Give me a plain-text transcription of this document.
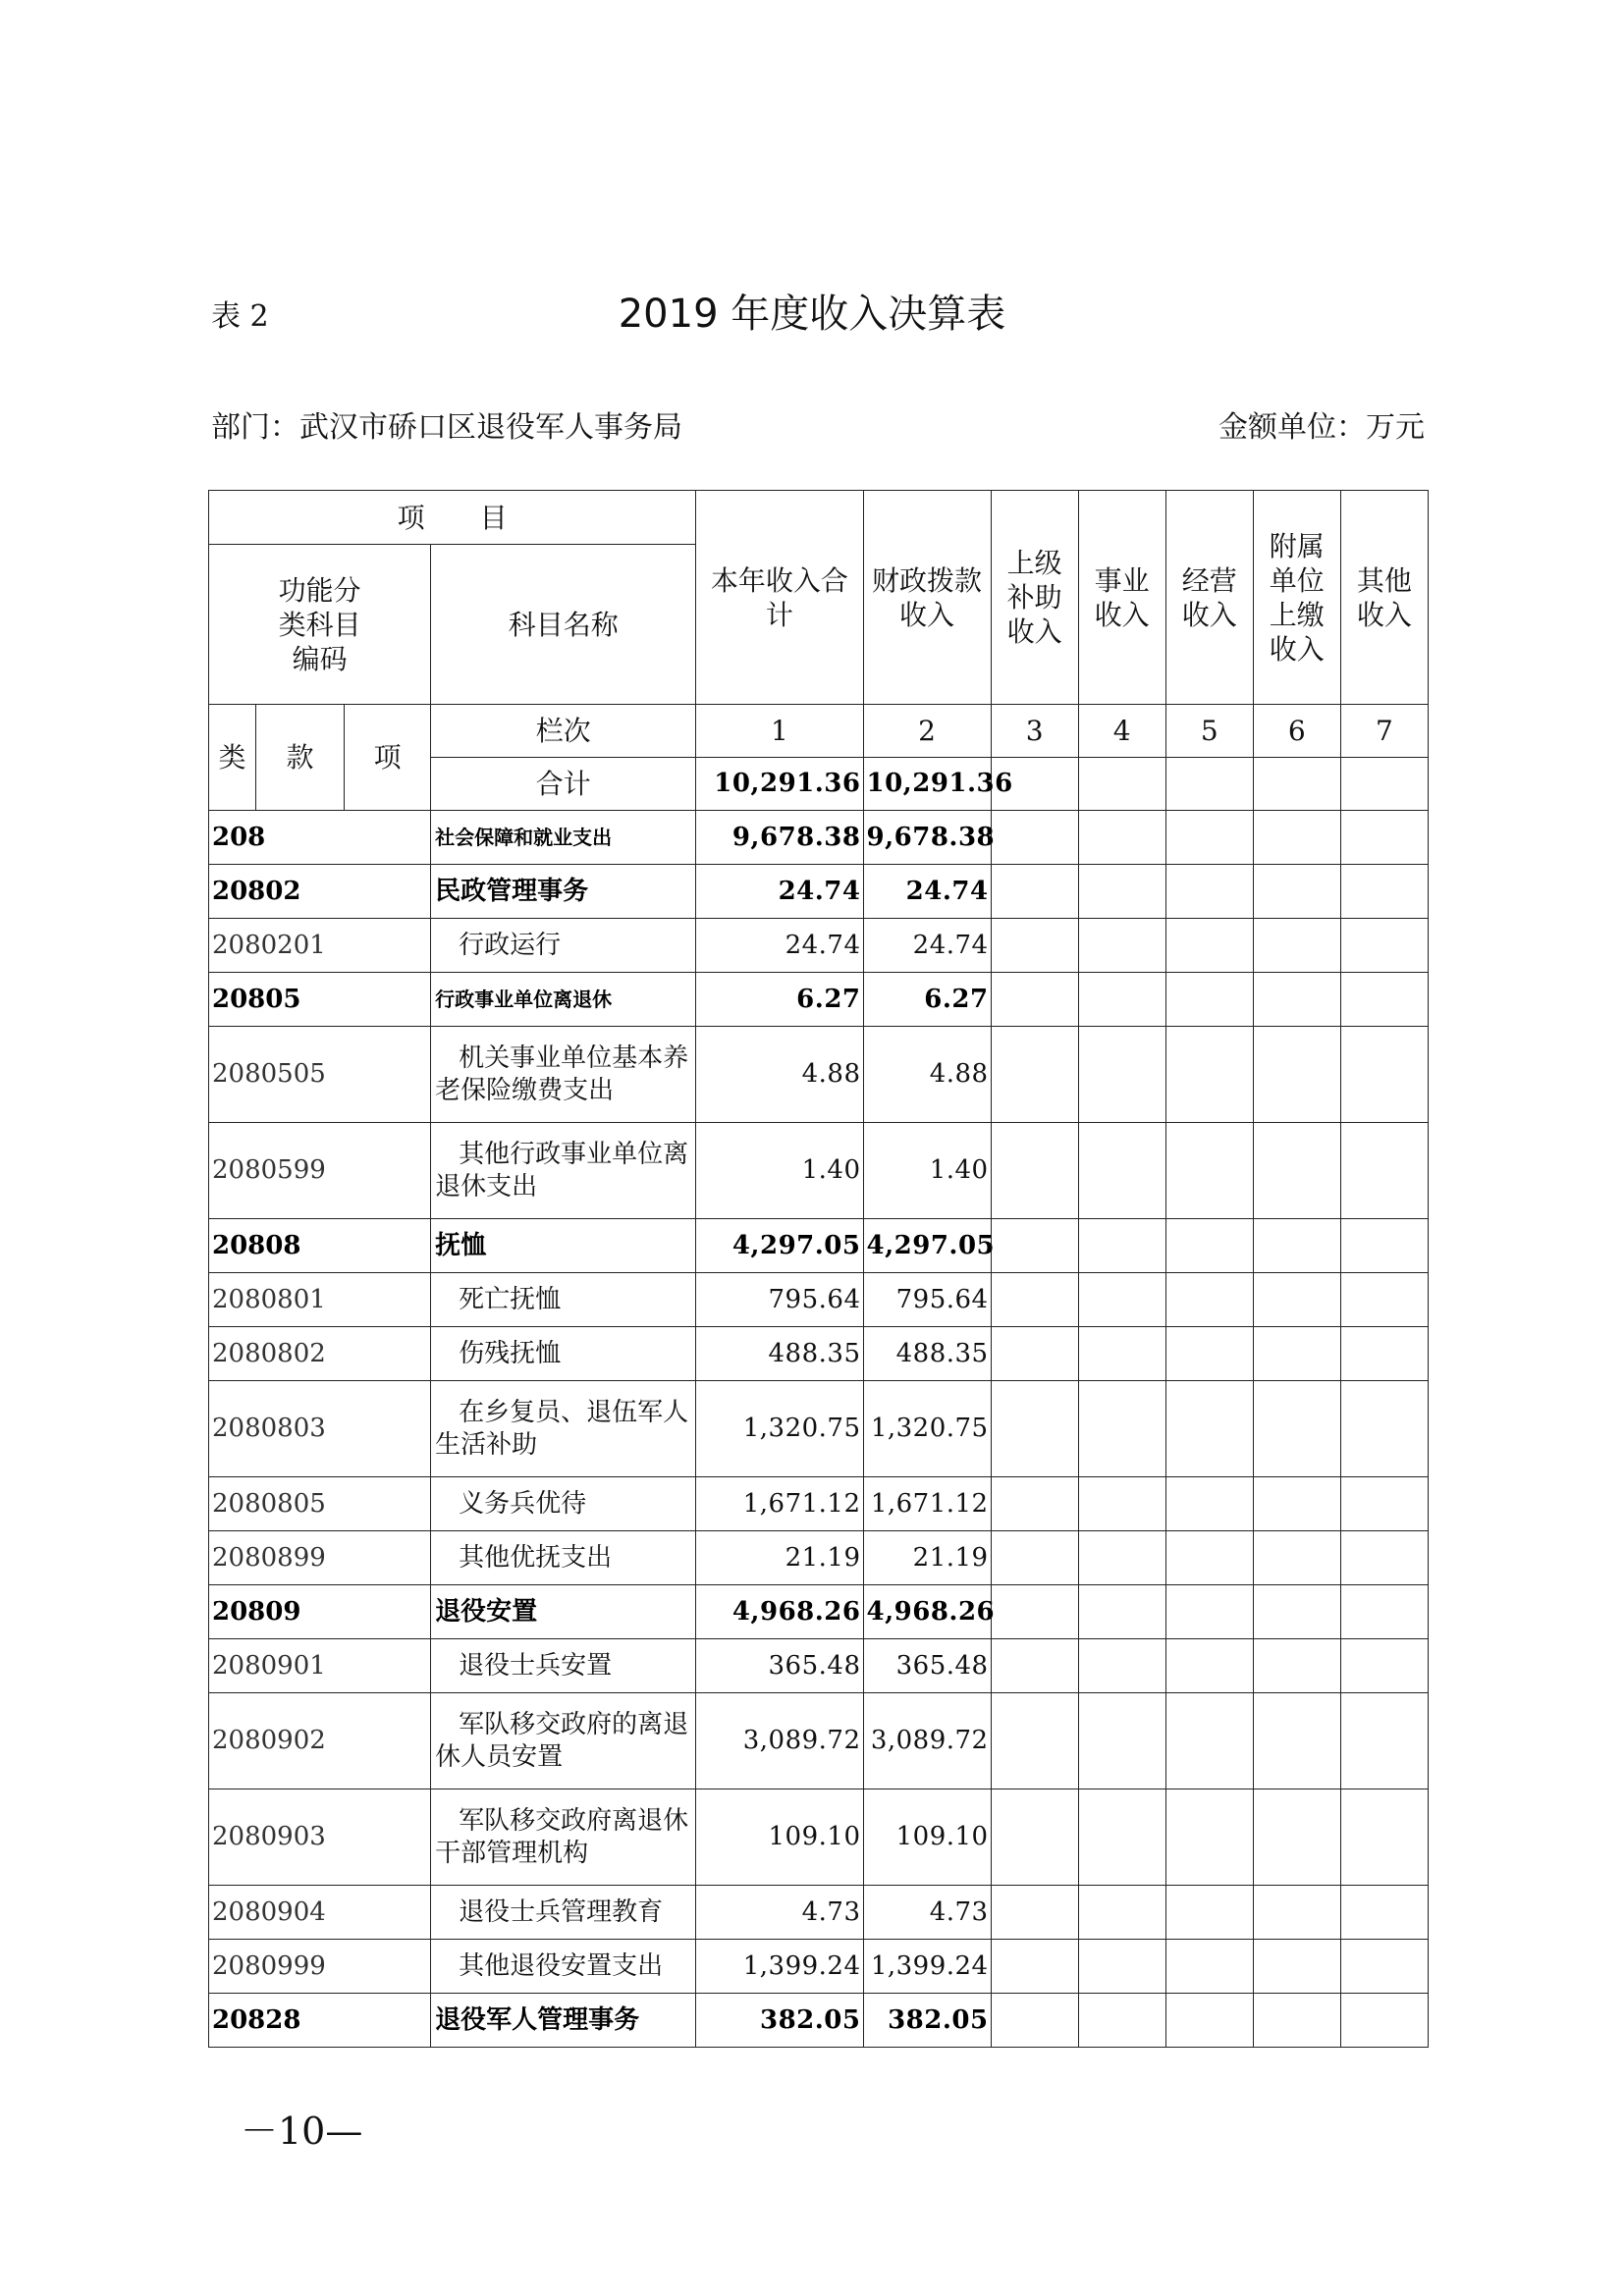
表 2	2019 年度收入决算表
部门：武汉市硚口区退役军人事务局	金额单位：万元
项　　目				本年收入合计	财政拨款收入	上级补助收入	事业收入	经营收入	附属单位上缴收入	其他收入
功能分类科目编码			科目名称							
类	款	项	栏次	1	2	3	4	5	6	7
			合计	10,291.36	10,291.36					
208			社会保障和就业支出	9,678.38	9,678.38					
20802			民政管理事务	24.74	24.74					
2080201			行政运行	24.74	24.74					
20805			行政事业单位离退休	6.27	6.27					
2080505			机关事业单位基本养老保险缴费支出	4.88	4.88					
2080599			其他行政事业单位离退休支出	1.40	1.40					
20808			抚恤	4,297.05	4,297.05					
2080801			死亡抚恤	795.64	795.64					
2080802			伤残抚恤	488.35	488.35					
2080803			在乡复员、退伍军人生活补助	1,320.75	1,320.75					
2080805			义务兵优待	1,671.12	1,671.12					
2080899			其他优抚支出	21.19	21.19					
20809			退役安置	4,968.26	4,968.26					
2080901			退役士兵安置	365.48	365.48					
2080902			军队移交政府的离退休人员安置	3,089.72	3,089.72					
2080903			军队移交政府离退休干部管理机构	109.10	109.10					
2080904			退役士兵管理教育	4.73	4.73					
2080999			其他退役安置支出	1,399.24	1,399.24					
20828			退役军人管理事务	382.05	382.05					
－10—
